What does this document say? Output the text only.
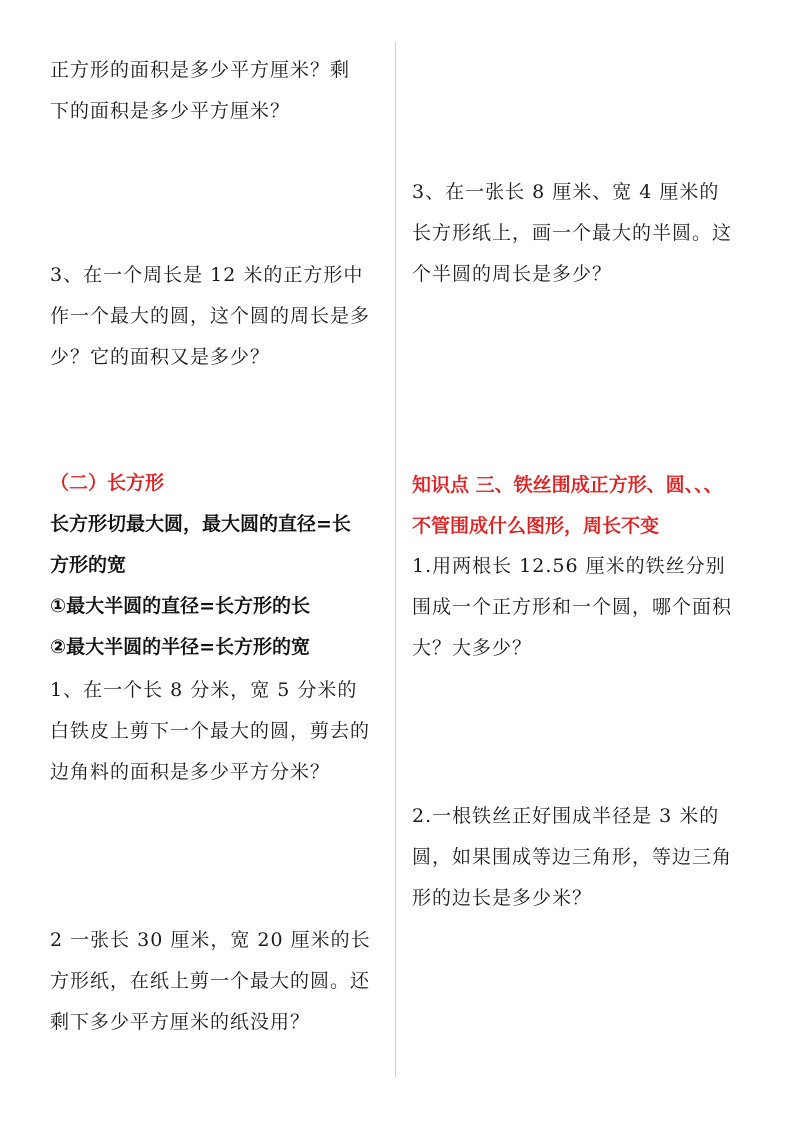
正方形的面积是多少平方厘米？剩
下的面积是多少平方厘米？
3、在一个周长是 12 米的正方形中
作一个最大的圆，这个圆的周长是多
少？它的面积又是多少？
（二）长方形
长方形切最大圆，最大圆的直径=长
方形的宽
①最大半圆的直径=长方形的长
②最大半圆的半径=长方形的宽
1、在一个长 8 分米，宽 5 分米的
白铁皮上剪下一个最大的圆，剪去的
边角料的面积是多少平方分米？
2 一张长 30 厘米，宽 20 厘米的长
方形纸，在纸上剪一个最大的圆。还
剩下多少平方厘米的纸没用？
3、在一张长 8 厘米、宽 4 厘米的
长方形纸上，画一个最大的半圆。这
个半圆的周长是多少？
知识点 三、铁丝围成正方形、圆、、、
不管围成什么图形，周长不变
1.用两根长 12.56 厘米的铁丝分别
围成一个正方形和一个圆，哪个面积
大？大多少？
2.一根铁丝正好围成半径是 3 米的
圆，如果围成等边三角形，等边三角
形的边长是多少米？
